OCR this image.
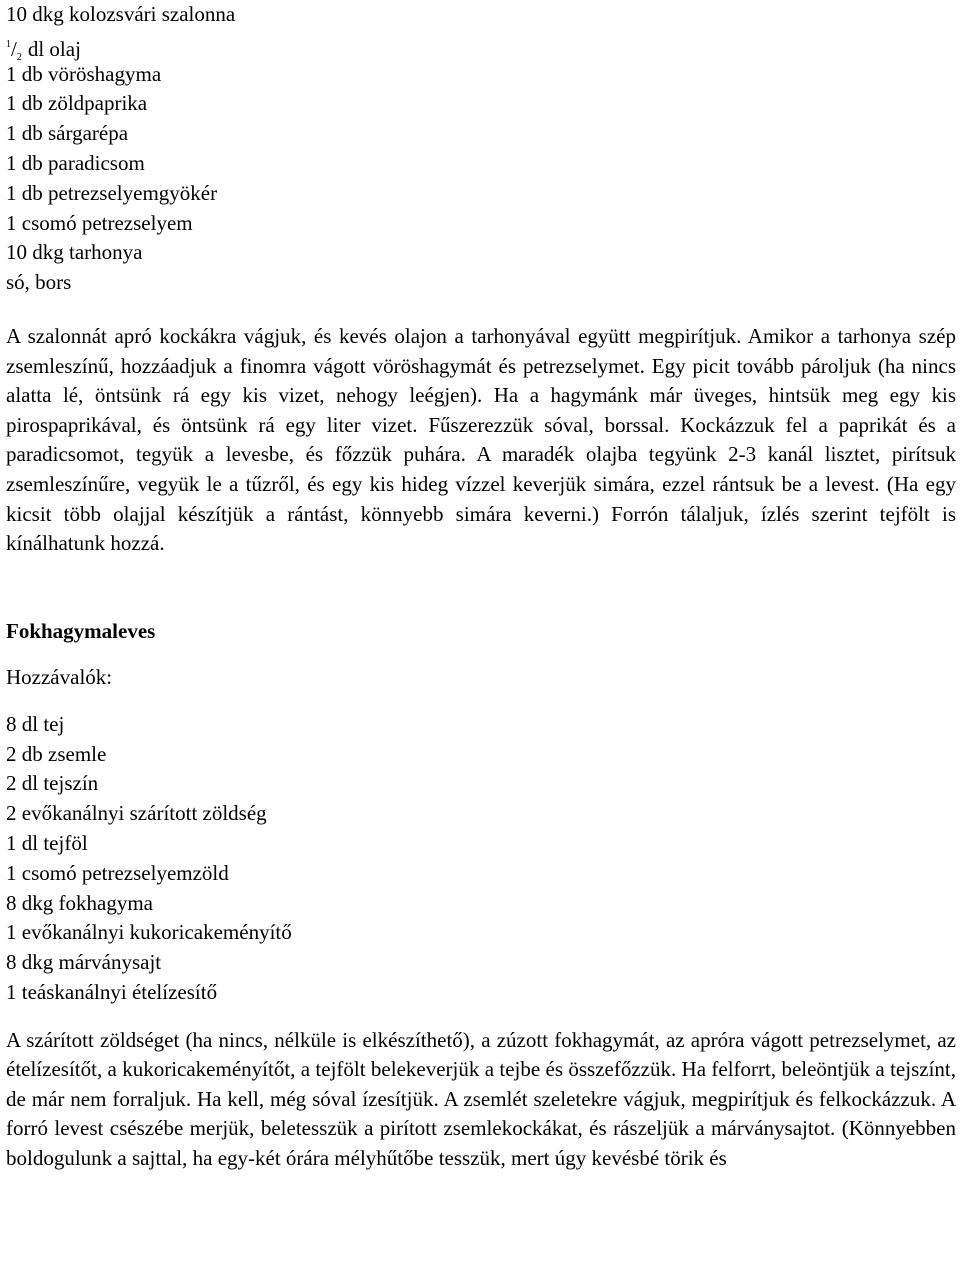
10 dkg kolozsvári szalonna
$^1$/2 dl olaj
1 db vöröshagyma
1 db zöldpaprika
1 db sárgarépa
1 db paradicsom
1 db petrezselyemgyökér
1 csomó petrezselyem
10 dkg tarhonya
só, bors

A szalonnát apró kockákra vágjuk, és kevés olajon a tarhonyával együtt megpirítjuk. Amikor a tarhonya szép zsemleszínű, hozzáadjuk a finomra vágott vöröshagymát és petrezselymet. Egy picit tovább pároljuk (ha nincs alatta lé, öntsünk rá egy kis vizet, nehogy leégjen). Ha a hagymánk már üveges, hintsük meg egy kis pirospaprikával, és öntsünk rá egy liter vizet. Fűszerezzük sóval, borssal. Kockázzuk fel a paprikát és a paradicsomot, tegyük a levesbe, és főzzük puhára. A maradék olajba tegyünk 2-3 kanál lisztet, pirítsuk zsemleszínűre, vegyük le a tűzről, és egy kis hideg vízzel keverjük simára, ezzel rántsuk be a levest. (Ha egy kicsit több olajjal készítjük a rántást, könnyebb simára keverni.) Forrón tálaljuk, ízlés szerint tejfölt is kínálhatunk hozzá.

Fokhagymaleves

Hozzávalók:

8 dl tej
2 db zsemle
2 dl tejszín
2 evőkanálnyi szárított zöldség
1 dl tejföl
1 csomó petrezselyemzöld
8 dkg fokhagyma
1 evőkanálnyi kukoricakeményítő
8 dkg márványsajt
1 teáskanálnyi ételízesítő

A szárított zöldséget (ha nincs, nélküle is elkészíthető), a zúzott fokhagymát, az apróra vágott petrezselymet, az ételízesítőt, a kukoricakeményítőt, a tejfölt belekeverjük a tejbe és összefőzzük. Ha felforrt, beleöntjük a tejszínt, de már nem forraljuk. Ha kell, még sóval ízesítjük. A zsemlét szeletekre vágjuk, megpirítjuk és felkockázzuk. A forró levest csészébe merjük, beletesszük a pirított zsemlekockákat, és rászeljük a márványsajtot. (Könnyebben boldogulunk a sajttal, ha egy-két órára mélyhűtőbe tesszük, mert úgy kevésbé törik és
